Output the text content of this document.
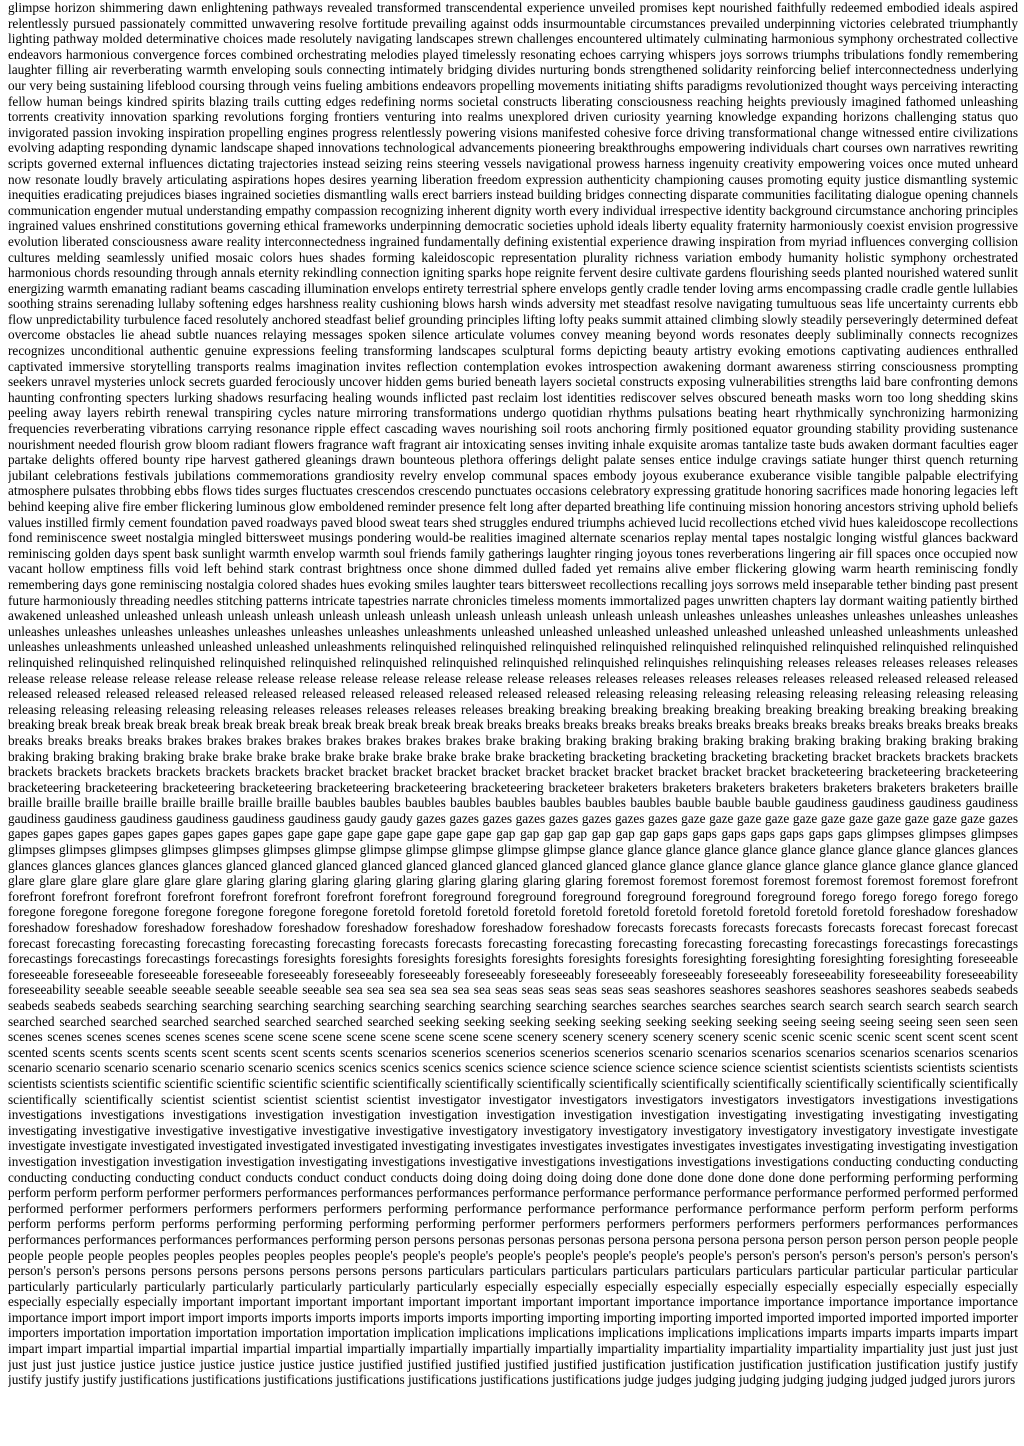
glimpse horizon shimmering dawn enlightening pathways revealed transformed transcendental experience unveiled promises kept nourished faithfully redeemed embodied ideals aspired relentlessly pursued passionately committed unwavering resolve fortitude prevailing against odds insurmountable circumstances prevailed underpinning victories celebrated triumphantly lighting pathway molded determinative choices made resolutely navigating landscapes strewn challenges encountered ultimately culminating harmonious symphony orchestrated collective endeavors harmonious convergence forces combined orchestrating melodies played timelessly resonating echoes carrying whispers joys sorrows triumphs tribulations fondly remembering laughter filling air reverberating warmth enveloping souls connecting intimately bridging divides nurturing bonds strengthened solidarity reinforcing belief interconnectedness underlying our very being sustaining lifeblood coursing through veins fueling ambitions endeavors propelling movements initiating shifts paradigms revolutionized thought ways perceiving interacting fellow human beings kindred spirits blazing trails cutting edges redefining norms societal constructs liberating consciousness reaching heights previously imagined fathomed unleashing torrents creativity innovation sparking revolutions forging frontiers venturing into realms unexplored driven curiosity yearning knowledge expanding horizons challenging status quo invigorated passion invoking inspiration propelling engines progress relentlessly powering visions manifested cohesive force driving transformational change witnessed entire civilizations evolving adapting responding dynamic landscape shaped innovations technological advancements pioneering breakthroughs empowering individuals chart courses own narratives rewriting scripts governed external influences dictating trajectories instead seizing reins steering vessels navigational prowess harness ingenuity creativity empowering voices once muted unheard now resonate loudly bravely articulating aspirations hopes desires yearning liberation freedom expression authenticity championing causes promoting equity justice dismantling systemic inequities eradicating prejudices biases ingrained societies dismantling walls erect barriers instead building bridges connecting disparate communities facilitating dialogue opening channels communication engender mutual understanding empathy compassion recognizing inherent dignity worth every individual irrespective identity background circumstance anchoring principles ingrained values enshrined constitutions governing ethical frameworks underpinning democratic societies uphold ideals liberty equality fraternity harmoniously coexist envision progressive evolution liberated consciousness aware reality interconnectedness ingrained fundamentally defining existential experience drawing inspiration from myriad influences converging collision cultures melding seamlessly unified mosaic colors hues shades forming kaleidoscopic representation plurality richness variation embody humanity holistic symphony orchestrated harmonious chords resounding through annals eternity rekindling connection igniting sparks hope reignite fervent desire cultivate gardens flourishing seeds planted nourished watered sunlit energizing warmth emanating radiant beams cascading illumination envelops entirety terrestrial sphere envelops gently cradle tender loving arms encompassing cradle cradle gentle lullabies soothing strains serenading lullaby softening edges harshness reality cushioning blows harsh winds adversity met steadfast resolve navigating tumultuous seas life uncertainty currents ebb flow unpredictability turbulence faced resolutely anchored steadfast belief grounding principles lifting lofty peaks summit attained climbing slowly steadily perseveringly determined defeat overcome obstacles lie ahead subtle nuances relaying messages spoken silence articulate volumes convey meaning beyond words resonates deeply subliminally connects recognizes recognizes unconditional authentic genuine expressions feeling transforming landscapes sculptural forms depicting beauty artistry evoking emotions captivating audiences enthralled captivated immersive storytelling transports realms imagination invites reflection contemplation evokes introspection awakening dormant awareness stirring consciousness prompting seekers unravel mysteries unlock secrets guarded ferociously uncover hidden gems buried beneath layers societal constructs exposing vulnerabilities strengths laid bare confronting demons haunting confronting specters lurking shadows resurfacing healing wounds inflicted past reclaim lost identities rediscover selves obscured beneath masks worn too long shedding skins peeling away layers rebirth renewal transpiring cycles nature mirroring transformations undergo quotidian rhythms pulsations beating heart rhythmically synchronizing harmonizing frequencies reverberating vibrations carrying resonance ripple effect cascading waves nourishing soil roots anchoring firmly positioned equator grounding stability providing sustenance nourishment needed flourish grow bloom radiant flowers fragrance waft fragrant air intoxicating senses inviting inhale exquisite aromas tantalize taste buds awaken dormant faculties eager partake delights offered bounty ripe harvest gathered gleanings drawn bounteous plethora offerings delight palate senses entice indulge cravings satiate hunger thirst quench returning jubilant celebrations festivals jubilations commemorations grandiosity revelry envelop communal spaces embody joyous exuberance exuberance visible tangible palpable electrifying atmosphere pulsates throbbing ebbs flows tides surges fluctuates crescendos crescendo punctuates occasions celebratory expressing gratitude honoring sacrifices made honoring legacies left behind keeping alive fire ember flickering luminous glow emboldened reminder presence felt long after departed breathing life continuing mission honoring ancestors striving uphold beliefs values instilled firmly cement foundation paved roadways paved blood sweat tears shed struggles endured triumphs achieved lucid recollections etched vivid hues kaleidoscope recollections fond reminiscence sweet nostalgia mingled bittersweet musings pondering would-be realities imagined alternate scenarios replay mental tapes nostalgic longing wistful glances backward reminiscing golden days spent bask sunlight warmth envelop warmth soul friends family gatherings laughter ringing joyous tones reverberations lingering air fill spaces once occupied now vacant hollow emptiness fills void left behind stark contrast brightness once shone dimmed dulled faded yet remains alive ember flickering glowing warm hearth reminiscing fondly remembering days gone reminiscing nostalgia colored shades hues evoking smiles laughter tears bittersweet recollections recalling joys sorrows meld inseparable tether binding past present future harmoniously threading needles stitching patterns intricate tapestries narrate chronicles timeless moments immortalized pages unwritten chapters lay dormant waiting patiently birthed awakened unleashed unleashed unleash unleash unleash unleash unleash unleash unleash unleash unleash unleash unleash unleashes unleashes unleashes unleashes unleashes unleashes unleashes unleashes unleashes unleashes unleashes unleashes unleashes unleashments unleashed unleashed unleashed unleashed unleashed unleashed unleashed unleashments unleashed unleashes unleashments unleashed unleashed unleashed unleashments relinquished relinquished relinquished relinquished relinquished relinquished relinquished relinquished relinquished relinquished relinquished relinquished relinquished relinquished relinquished relinquished relinquished relinquished relinquishes relinquishing releases releases releases releases releases release release release release release release release release release release release release release releases releases releases releases releases releases released released released released released released released released released released released released released released released released releasing releasing releasing releasing releasing releasing releasing releasing releasing releasing releasing releasing releasing releases releases releases releases releases breaking breaking breaking breaking breaking breaking breaking breaking breaking breaking breaking break break break break break break break break break break break break break breaks breaks breaks breaks breaks breaks breaks breaks breaks breaks breaks breaks breaks breaks breaks breaks breaks breaks brakes brakes brakes brakes brakes brakes brakes brakes brake braking braking braking braking braking braking braking braking braking braking braking braking braking braking braking brake brake brake brake brake brake brake brake brake brake bracketing bracketing bracketing bracketing bracketing bracket brackets brackets brackets brackets brackets brackets brackets brackets brackets bracket bracket bracket bracket bracket bracket bracket bracket bracket bracket bracket bracketeering bracketeering bracketeering bracketeering bracketeering bracketeering bracketeering bracketeering bracketeering bracketeering bracketeer braketers braketers braketers braketers braketers braketers braketers braille braille braille braille braille braille braille braille braille baubles baubles baubles baubles baubles baubles baubles baubles bauble bauble bauble gaudiness gaudiness gaudiness gaudiness gaudiness gaudiness gaudiness gaudiness gaudiness gaudiness gaudy gaudy gazes gazes gazes gazes gazes gazes gazes gazes gaze gaze gaze gaze gaze gaze gaze gaze gaze gaze gaze gazes gapes gapes gapes gapes gapes gapes gapes gapes gape gape gape gape gape gape gape gap gap gap gap gap gap gap gaps gaps gaps gaps gaps gaps gaps glimpses glimpses glimpses glimpses glimpses glimpses glimpses glimpses glimpses glimpse glimpse glimpse glimpse glimpse glimpse glance glance glance glance glance glance glance glance glance glances glances glances glances glances glances glances glanced glanced glanced glanced glanced glanced glanced glanced glanced glance glance glance glance glance glance glance glance glance glanced glare glare glare glare glare glare glare glaring glaring glaring glaring glaring glaring glaring glaring glaring foremost foremost foremost foremost foremost foremost foremost forefront forefront forefront forefront forefront forefront forefront forefront forefront foreground foreground foreground foreground foreground foreground forego forego forego forego forego foregone foregone foregone foregone foregone foregone foregone foretold foretold foretold foretold foretold foretold foretold foretold foretold foretold foretold foreshadow foreshadow foreshadow foreshadow foreshadow foreshadow foreshadow foreshadow foreshadow foreshadow foreshadow forecasts forecasts forecasts forecasts forecasts forecast forecast forecast forecast forecasting forecasting forecasting forecasting forecasting forecasts forecasts forecasting forecasting forecasting forecasting forecasting forecastings forecastings forecastings forecastings forecastings forecastings forecastings foresights foresights foresights foresights foresights foresights foresights foresighting foresighting foresighting foresighting foreseeable foreseeable foreseeable foreseeable foreseeable foreseeably foreseeably foreseeably foreseeably foreseeably foreseeably foreseeably foreseeably foreseeability foreseeability foreseeability foreseeability seeable seeable seeable seeable seeable seeable sea sea sea sea sea sea sea seas seas seas seas seas seas seashores seashores seashores seashores seashores seabeds seabeds seabeds seabeds seabeds searching searching searching searching searching searching searching searching searches searches searches searches search search search search search search searched searched searched searched searched searched searched searched seeking seeking seeking seeking seeking seeking seeking seeking seeing seeing seeing seeing seen seen seen scenes scenes scenes scenes scenes scenes scene scene scene scene scene scene scene scene scenery scenery scenery scenery scenery scenic scenic scenic scenic scent scent scent scent scented scents scents scents scents scent scents scent scents scents scenarios scenerios scenerios scenerios scenerios scenario scenarios scenarios scenarios scenarios scenarios scenarios scenario scenario scenario scenario scenario scenario scenics scenics scenics scenics scenics science science science science science science scientist scientists scientists scientists scientists scientists scientists scientific scientific scientific scientific scientific scientifically scientifically scientifically scientifically scientifically scientifically scientifically scientifically scientifically scientifically scientifically scientist scientist scientist scientist scientist investigator investigator investigators investigators investigators investigators investigations investigations investigations investigations investigations investigation investigation investigation investigation investigation investigation investigating investigating investigating investigating investigating investigative investigative investigative investigative investigative investigatory investigatory investigatory investigatory investigatory investigatory investigate investigate investigate investigate investigated investigated investigated investigated investigating investigates investigates investigates investigates investigates investigating investigating investigation investigation investigation investigation investigation investigating investigations investigative investigations investigations investigations investigations conducting conducting conducting conducting conducting conducting conduct conducts conduct conduct conducts doing doing doing doing doing done done done done done done done performing performing performing perform perform perform performer performers performances performances performances performance performance performance performance performance performed performed performed performed performer performers performers performers performers performing performance performance performance performance performance perform perform perform performs perform performs perform performs performing performing performing performing performer performers performers performers performers performers performances performances performances performances performances performances performing person persons personas personas personas persona persona persona persona person person person person people people people people people peoples peoples peoples peoples peoples people's people's people's people's people's people's people's people's person's person's person's person's person's person's person's person's persons persons persons persons persons persons persons particulars particulars particulars particulars particulars particulars particular particular particular particular particularly particularly particularly particularly particularly particularly particularly especially especially especially especially especially especially especially especially especially especially especially especially important important important important important important important important importance importance importance importance importance importance importance import import import import imports imports imports imports imports imports importing importing importing importing imported imported imported imported imported importer importers importation importation importation importation importation implication implications implications implications implications implications imparts imparts imparts imparts impart impart impart impartial impartial impartial impartial impartial impartially impartially impartially impartially impartiality impartiality impartiality impartiality impartiality just just just just just just just justice justice justice justice justice justice justice justified justified justified justified justified justification justification justification justification justification justify justify justify justify justify justifications justifications justifications justifications justifications justifications justifications judge judges judging judging judging judging judged judged jurors jurors
